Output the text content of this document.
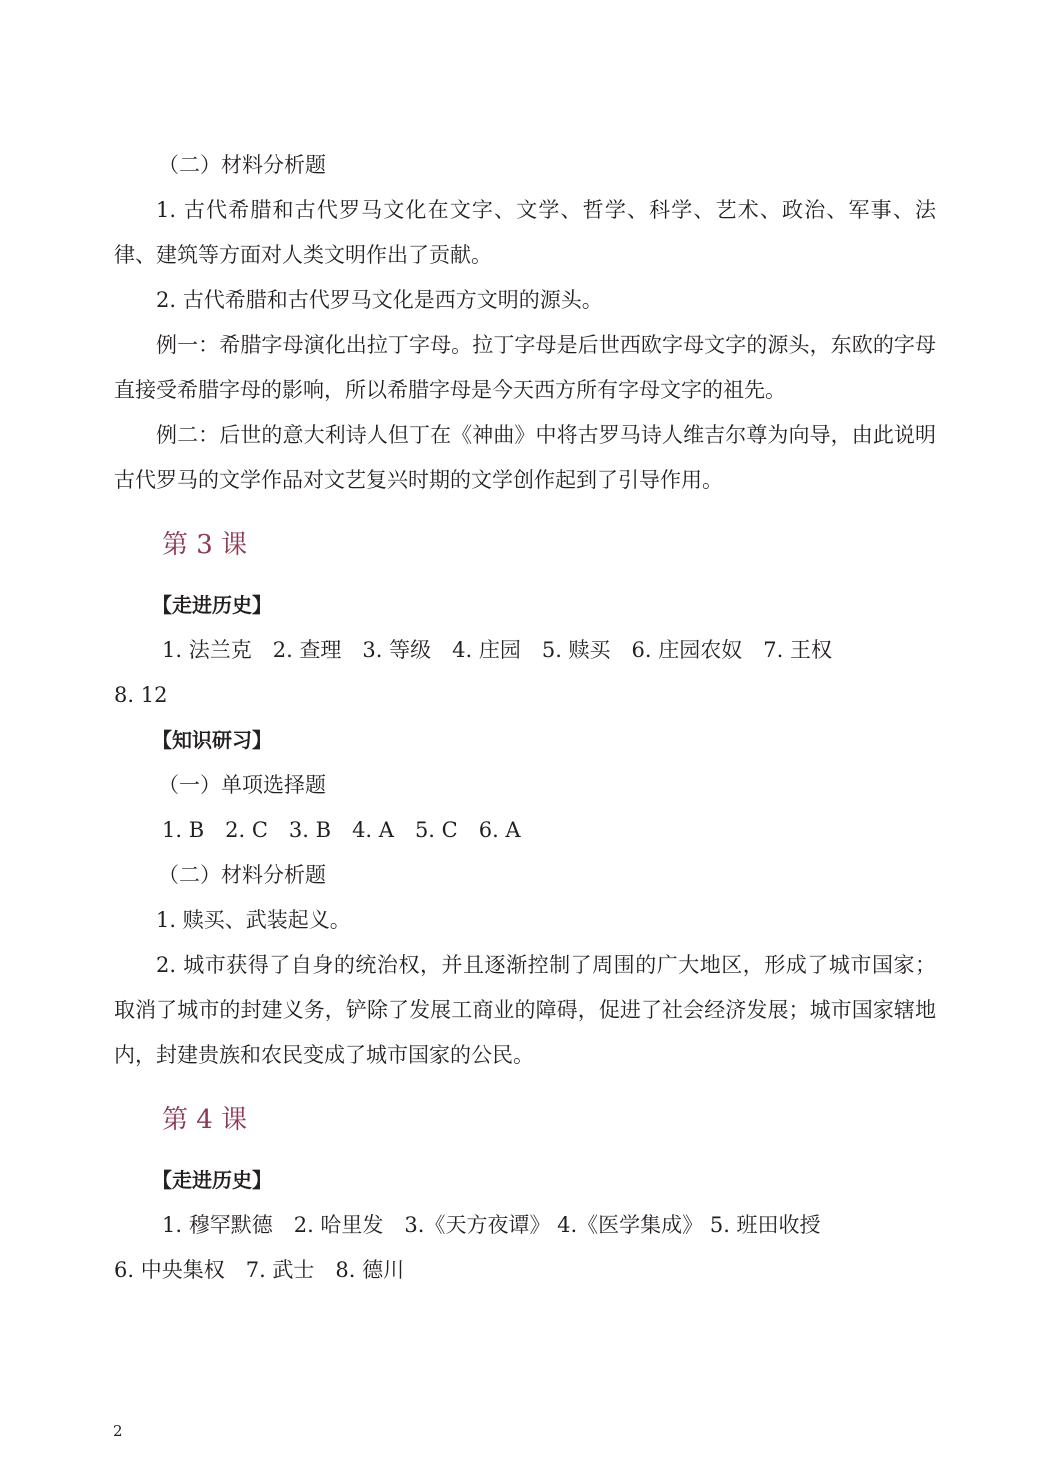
（二）材料分析题

1. 古代希腊和古代罗马文化在文字、文学、哲学、科学、艺术、政治、军事、法律、建筑等方面对人类文明作出了贡献。

2. 古代希腊和古代罗马文化是西方文明的源头。

例一：希腊字母演化出拉丁字母。拉丁字母是后世西欧字母文字的源头，东欧的字母直接受希腊字母的影响，所以希腊字母是今天西方所有字母文字的祖先。

例二：后世的意大利诗人但丁在《神曲》中将古罗马诗人维吉尔尊为向导，由此说明古代罗马的文学作品对文艺复兴时期的文学创作起到了引导作用。

第 3 课

【走进历史】

1. 法兰克　2. 查理　3. 等级　4. 庄园　5. 赎买　6. 庄园农奴　7. 王权

8. 12

【知识研习】

（一）单项选择题

1. B　2. C　3. B　4. A　5. C　6. A

（二）材料分析题

1. 赎买、武装起义。

2. 城市获得了自身的统治权，并且逐渐控制了周围的广大地区，形成了城市国家；取消了城市的封建义务，铲除了发展工商业的障碍，促进了社会经济发展；城市国家辖地内，封建贵族和农民变成了城市国家的公民。

第 4 课

【走进历史】

1. 穆罕默德　2. 哈里发　3.《天方夜谭》 4.《医学集成》 5. 班田收授

6. 中央集权　7. 武士　8. 德川

2
